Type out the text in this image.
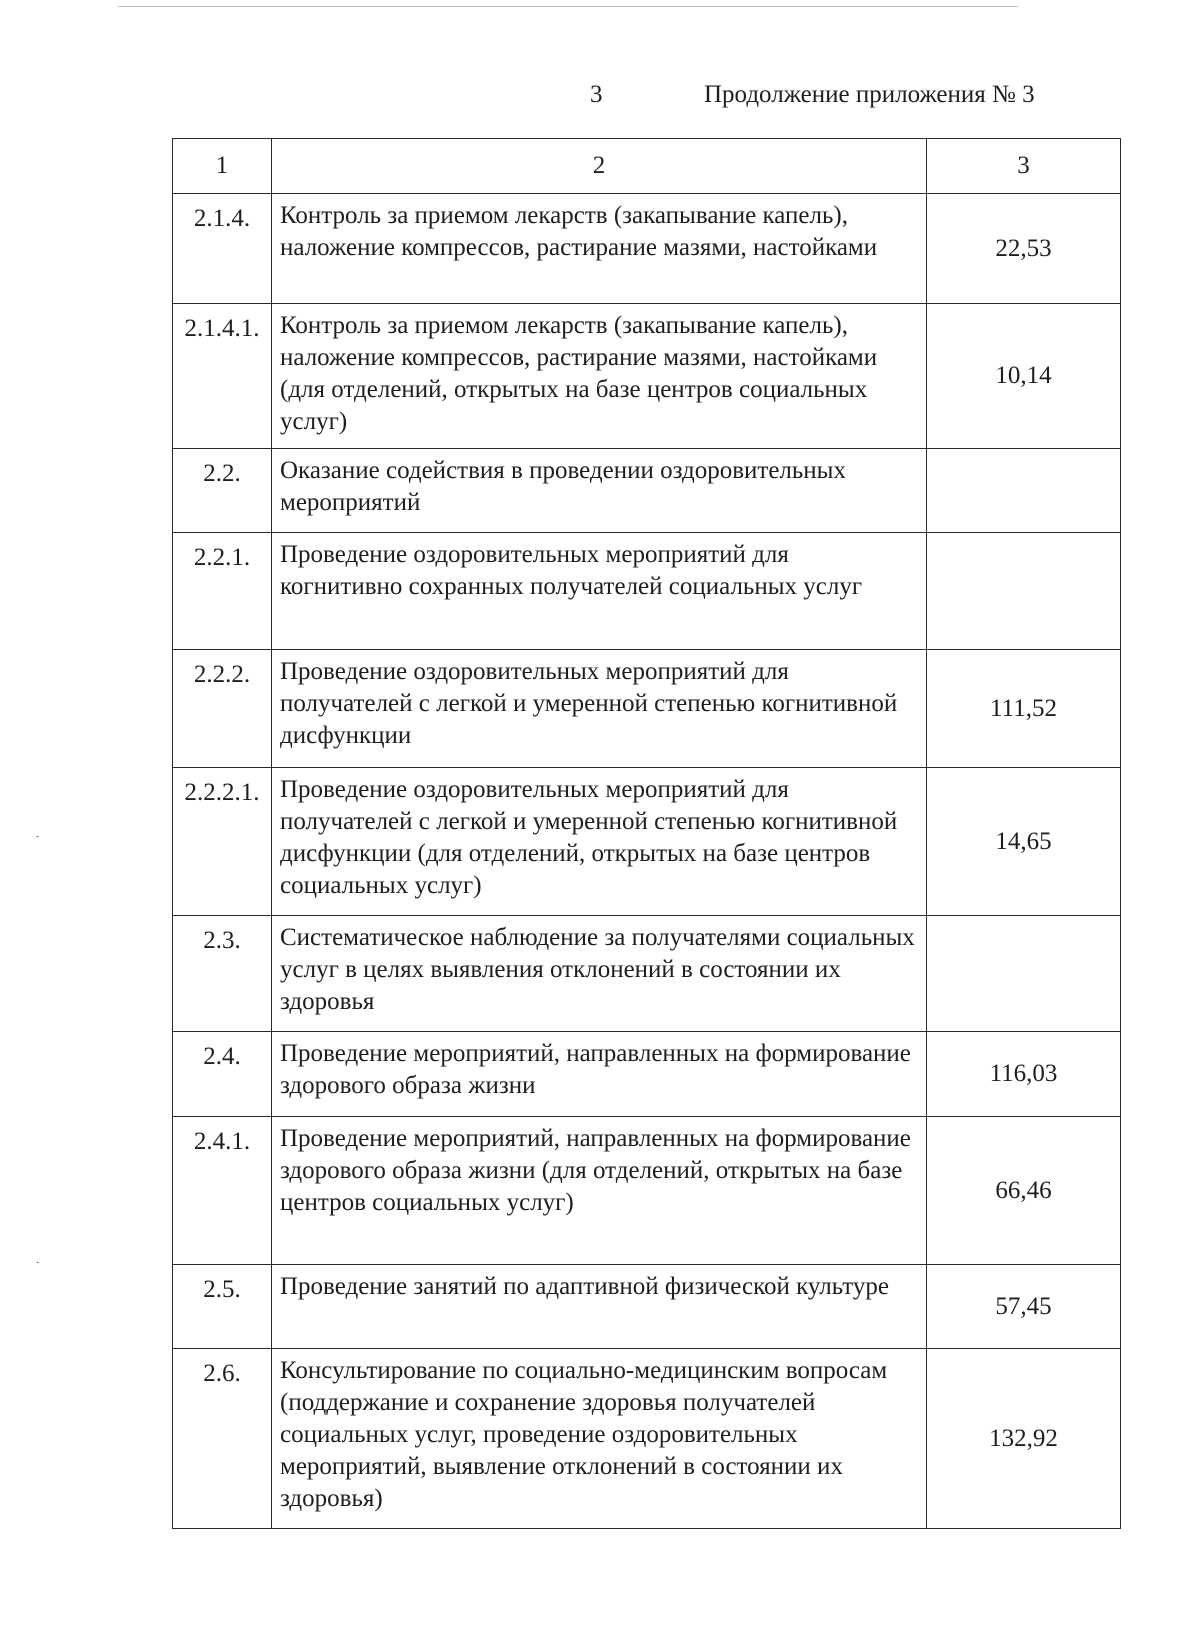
3	Продолжение приложения № 3
1	2	3
2.1.4.	Контроль за приемом лекарств (закапывание капель), наложение компрессов, растирание мазями, настойками	22,53
2.1.4.1.	Контроль за приемом лекарств (закапывание капель), наложение компрессов, растирание мазями, настойками (для отделений, открытых на базе центров социальных услуг)	10,14
2.2.	Оказание содействия в проведении оздоровительных мероприятий	
2.2.1.	Проведение оздоровительных мероприятий для когнитивно сохранных получателей социальных услуг	
2.2.2.	Проведение оздоровительных мероприятий для получателей с легкой и умеренной степенью когнитивной дисфункции	111,52
2.2.2.1.	Проведение оздоровительных мероприятий для получателей с легкой и умеренной степенью когнитивной дисфункции (для отделений, открытых на базе центров социальных услуг)	14,65
2.3.	Систематическое наблюдение за получателями социальных услуг в целях выявления отклонений в состоянии их здоровья	
2.4.	Проведение мероприятий, направленных на формирование здорового образа жизни	116,03
2.4.1.	Проведение мероприятий, направленных на формирование здорового образа жизни (для отделений, открытых на базе центров социальных услуг)	66,46
2.5.	Проведение занятий по адаптивной физической культуре	57,45
2.6.	Консультирование по социально-медицинским вопросам (поддержание и сохранение здоровья получателей социальных услуг, проведение оздоровительных мероприятий, выявление отклонений в состоянии их здоровья)	132,92
